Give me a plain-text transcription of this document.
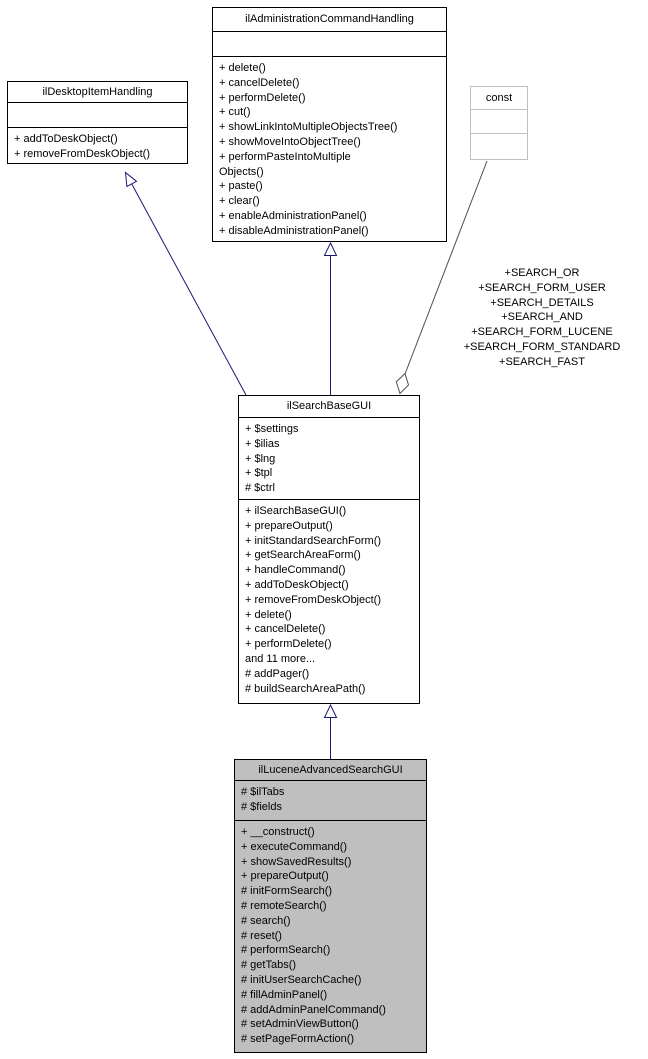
ilDesktopItemHandling
+ addToDeskObject()
+ removeFromDeskObject()
ilAdministrationCommandHandling
+ delete()
+ cancelDelete()
+ performDelete()
+ cut()
+ showLinkIntoMultipleObjectsTree()
+ showMoveIntoObjectTree()
+ performPasteIntoMultiple
Objects()
+ paste()
+ clear()
+ enableAdministrationPanel()
+ disableAdministrationPanel()
const
+SEARCH_OR
+SEARCH_FORM_USER
+SEARCH_DETAILS
+SEARCH_AND
+SEARCH_FORM_LUCENE
+SEARCH_FORM_STANDARD
+SEARCH_FAST
ilSearchBaseGUI
+ $settings
+ $ilias
+ $lng
+ $tpl
# $ctrl
+ ilSearchBaseGUI()
+ prepareOutput()
+ initStandardSearchForm()
+ getSearchAreaForm()
+ handleCommand()
+ addToDeskObject()
+ removeFromDeskObject()
+ delete()
+ cancelDelete()
+ performDelete()
and 11 more...
# addPager()
# buildSearchAreaPath()
ilLuceneAdvancedSearchGUI
# $ilTabs
# $fields
+ __construct()
+ executeCommand()
+ showSavedResults()
+ prepareOutput()
# initFormSearch()
# remoteSearch()
# search()
# reset()
# performSearch()
# getTabs()
# initUserSearchCache()
# fillAdminPanel()
# addAdminPanelCommand()
# setAdminViewButton()
# setPageFormAction()
